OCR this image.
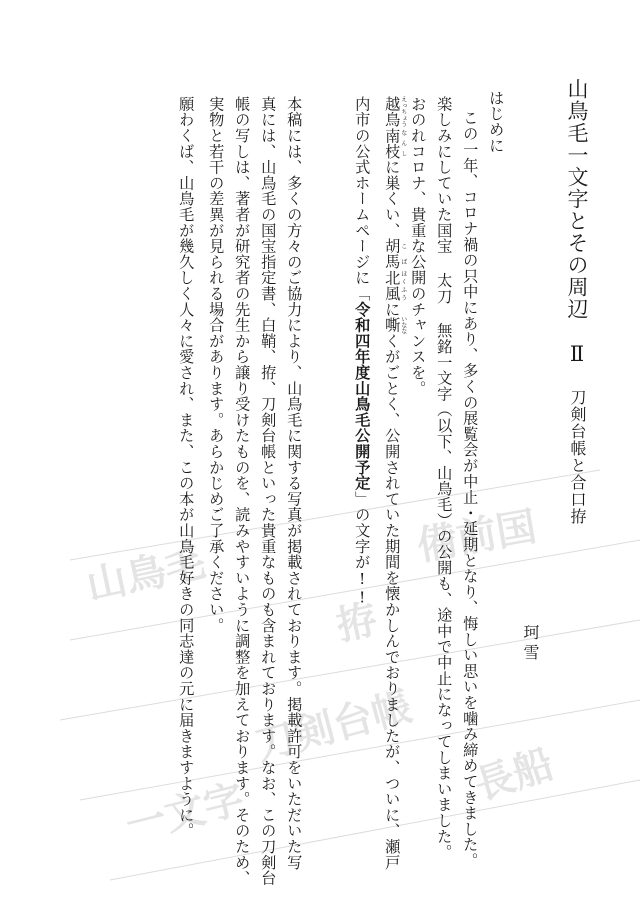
山鳥毛
刀剣台帳
備前国
一文字
長船
拵
山鳥毛一文字とその周辺Ⅱ刀剣台帳と合口拵
珂雪
はじめに
この一年、コロナ禍の只中にあり、多くの展覧会が中止・延期となり、悔しい思いを噛み締めてきました。
楽しみにしていた国宝 太刀 無銘一文字（以下、山鳥毛）の公開も、途中で中止になってしまいました。
おのれコロナ、貴重な公開のチャンスを。
越鳥えっちょう南枝なんしに巣くい、胡馬こば北風ほくふうに嘶いななくがごとく、公開されていた期間を懐かしんでおりましたが、ついに、瀬戸
内市の公式ホームページに「令和四年度山鳥毛公開予定」の文字が!!
本稿には、多くの方々のご協力により、山鳥毛に関する写真が掲載されております。掲載許可をいただいた写
真には、山鳥毛の国宝指定書、白鞘、拵、刀剣台帳といった貴重なものも含まれております。なお、この刀剣台
帳の写しは、著者が研究者の先生から譲り受けたものを、読みやすいように調整を加えております。そのため、
実物と若干の差異が見られる場合があります。あらかじめご了承ください。
願わくば、山鳥毛が幾久しく人々に愛され、また、この本が山鳥毛好きの同志達の元に届きますように。
